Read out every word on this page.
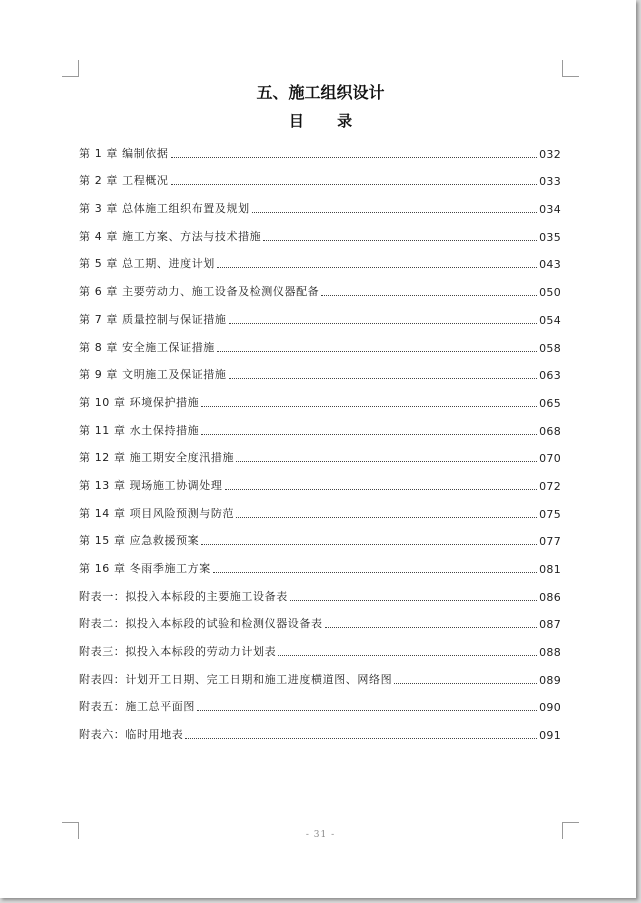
五、施工组织设计
目 录
第 1 章 编制依据	032
第 2 章 工程概况	033
第 3 章 总体施工组织布置及规划	034
第 4 章 施工方案、方法与技术措施	035
第 5 章 总工期、进度计划	043
第 6 章 主要劳动力、施工设备及检测仪器配备	050
第 7 章 质量控制与保证措施	054
第 8 章 安全施工保证措施	058
第 9 章 文明施工及保证措施	063
第 10 章 环境保护措施	065
第 11 章 水土保持措施	068
第 12 章 施工期安全度汛措施	070
第 13 章 现场施工协调处理	072
第 14 章 项目风险预测与防范	075
第 15 章 应急救援预案	077
第 16 章 冬雨季施工方案	081
附表一：拟投入本标段的主要施工设备表	086
附表二：拟投入本标段的试验和检测仪器设备表	087
附表三：拟投入本标段的劳动力计划表	088
附表四：计划开工日期、完工日期和施工进度横道图、网络图	089
附表五：施工总平面图	090
附表六：临时用地表	091
- 31 -
